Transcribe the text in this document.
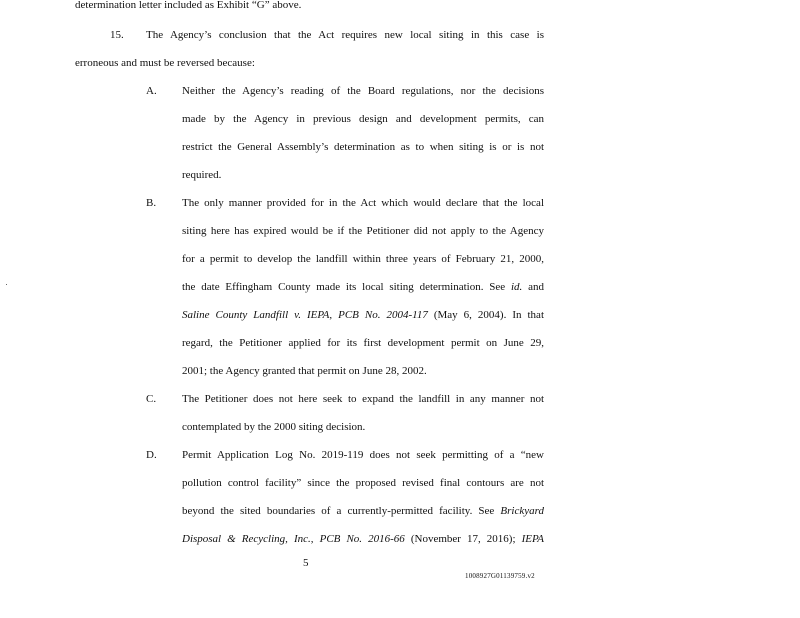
determination letter included as Exhibit “G” above.
15. The Agency’s conclusion that the Act requires new local siting in this case is
erroneous and must be reversed because:
A. Neither the Agency’s reading of the Board regulations, nor the decisions
made by the Agency in previous design and development permits, can
restrict the General Assembly’s determination as to when siting is or is not
required.
B. The only manner provided for in the Act which would declare that the local
siting here has expired would be if the Petitioner did not apply to the Agency
for a permit to develop the landfill within three years of February 21, 2000,
the date Effingham County made its local siting determination. See id. and
Saline County Landfill v. IEPA, PCB No. 2004-117 (May 6, 2004). In that
regard, the Petitioner applied for its first development permit on June 29,
2001; the Agency granted that permit on June 28, 2002.
C. The Petitioner does not here seek to expand the landfill in any manner not
contemplated by the 2000 siting decision.
D. Permit Application Log No. 2019-119 does not seek permitting of a “new
pollution control facility” since the proposed revised final contours are not
beyond the sited boundaries of a currently-permitted facility. See Brickyard
Disposal & Recycling, Inc., PCB No. 2016-66 (November 17, 2016); IEPA
5
1008927G01139759.v2
